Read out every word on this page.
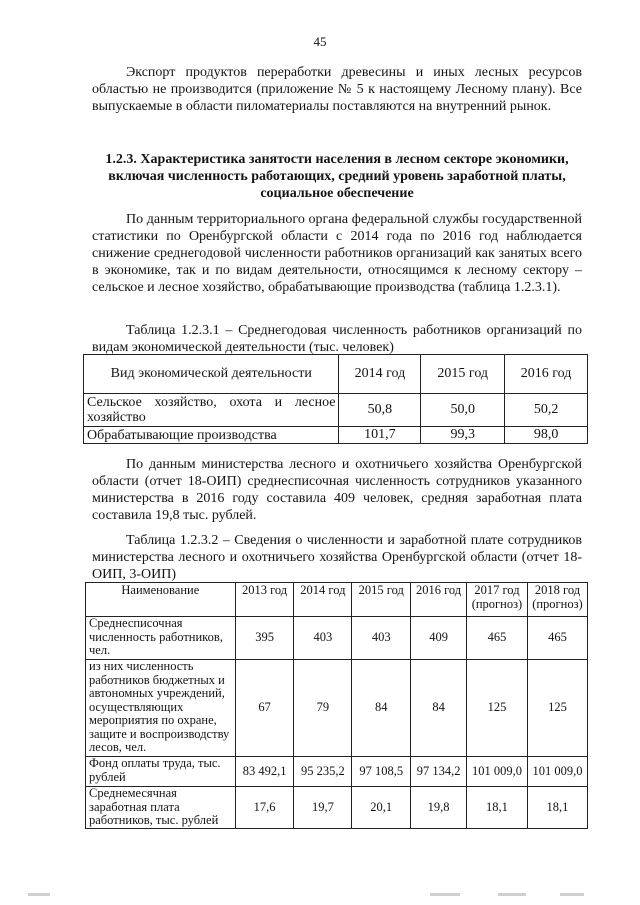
45

Экспорт продуктов переработки древесины и иных лесных ресурсов областью не производится (приложение № 5 к настоящему Лесному плану). Все выпускаемые в области пиломатериалы поставляются на внутренний рынок.

1.2.3. Характеристика занятости населения в лесном секторе экономики, включая численность работающих, средний уровень заработной платы, социальное обеспечение

По данным территориального органа федеральной службы государственной статистики по Оренбургской области с 2014 года по 2016 год наблюдается снижение среднегодовой численности работников организаций как занятых всего в экономике, так и по видам деятельности, относящимся к лесному сектору – сельское и лесное хозяйство, обрабатывающие производства (таблица 1.2.3.1).

Таблица 1.2.3.1 – Среднегодовая численность работников организаций по видам экономической деятельности (тыс. человек)

Вид экономической деятельности	2014 год	2015 год	2016 год
Сельское хозяйство, охота и лесное хозяйство	50,8	50,0	50,2
Обрабатывающие производства	101,7	99,3	98,0

По данным министерства лесного и охотничьего хозяйства Оренбургской области (отчет 18-ОИП) среднесписочная численность сотрудников указанного министерства в 2016 году составила 409 человек, средняя заработная плата составила 19,8 тыс. рублей.

Таблица 1.2.3.2 – Сведения о численности и заработной плате сотрудников министерства лесного и охотничьего хозяйства Оренбургской области (отчет 18-ОИП, 3-ОИП)

Наименование	2013 год	2014 год	2015 год	2016 год	2017 год (прогноз)	2018 год (прогноз)
Среднесписочная численность работников, чел.	395	403	403	409	465	465
из них численность работников бюджетных и автономных учреждений, осуществляющих мероприятия по охране, защите и воспроизводству лесов, чел.	67	79	84	84	125	125
Фонд оплаты труда, тыс. рублей	83 492,1	95 235,2	97 108,5	97 134,2	101 009,0	101 009,0
Среднемесячная заработная плата работников, тыс. рублей	17,6	19,7	20,1	19,8	18,1	18,1
